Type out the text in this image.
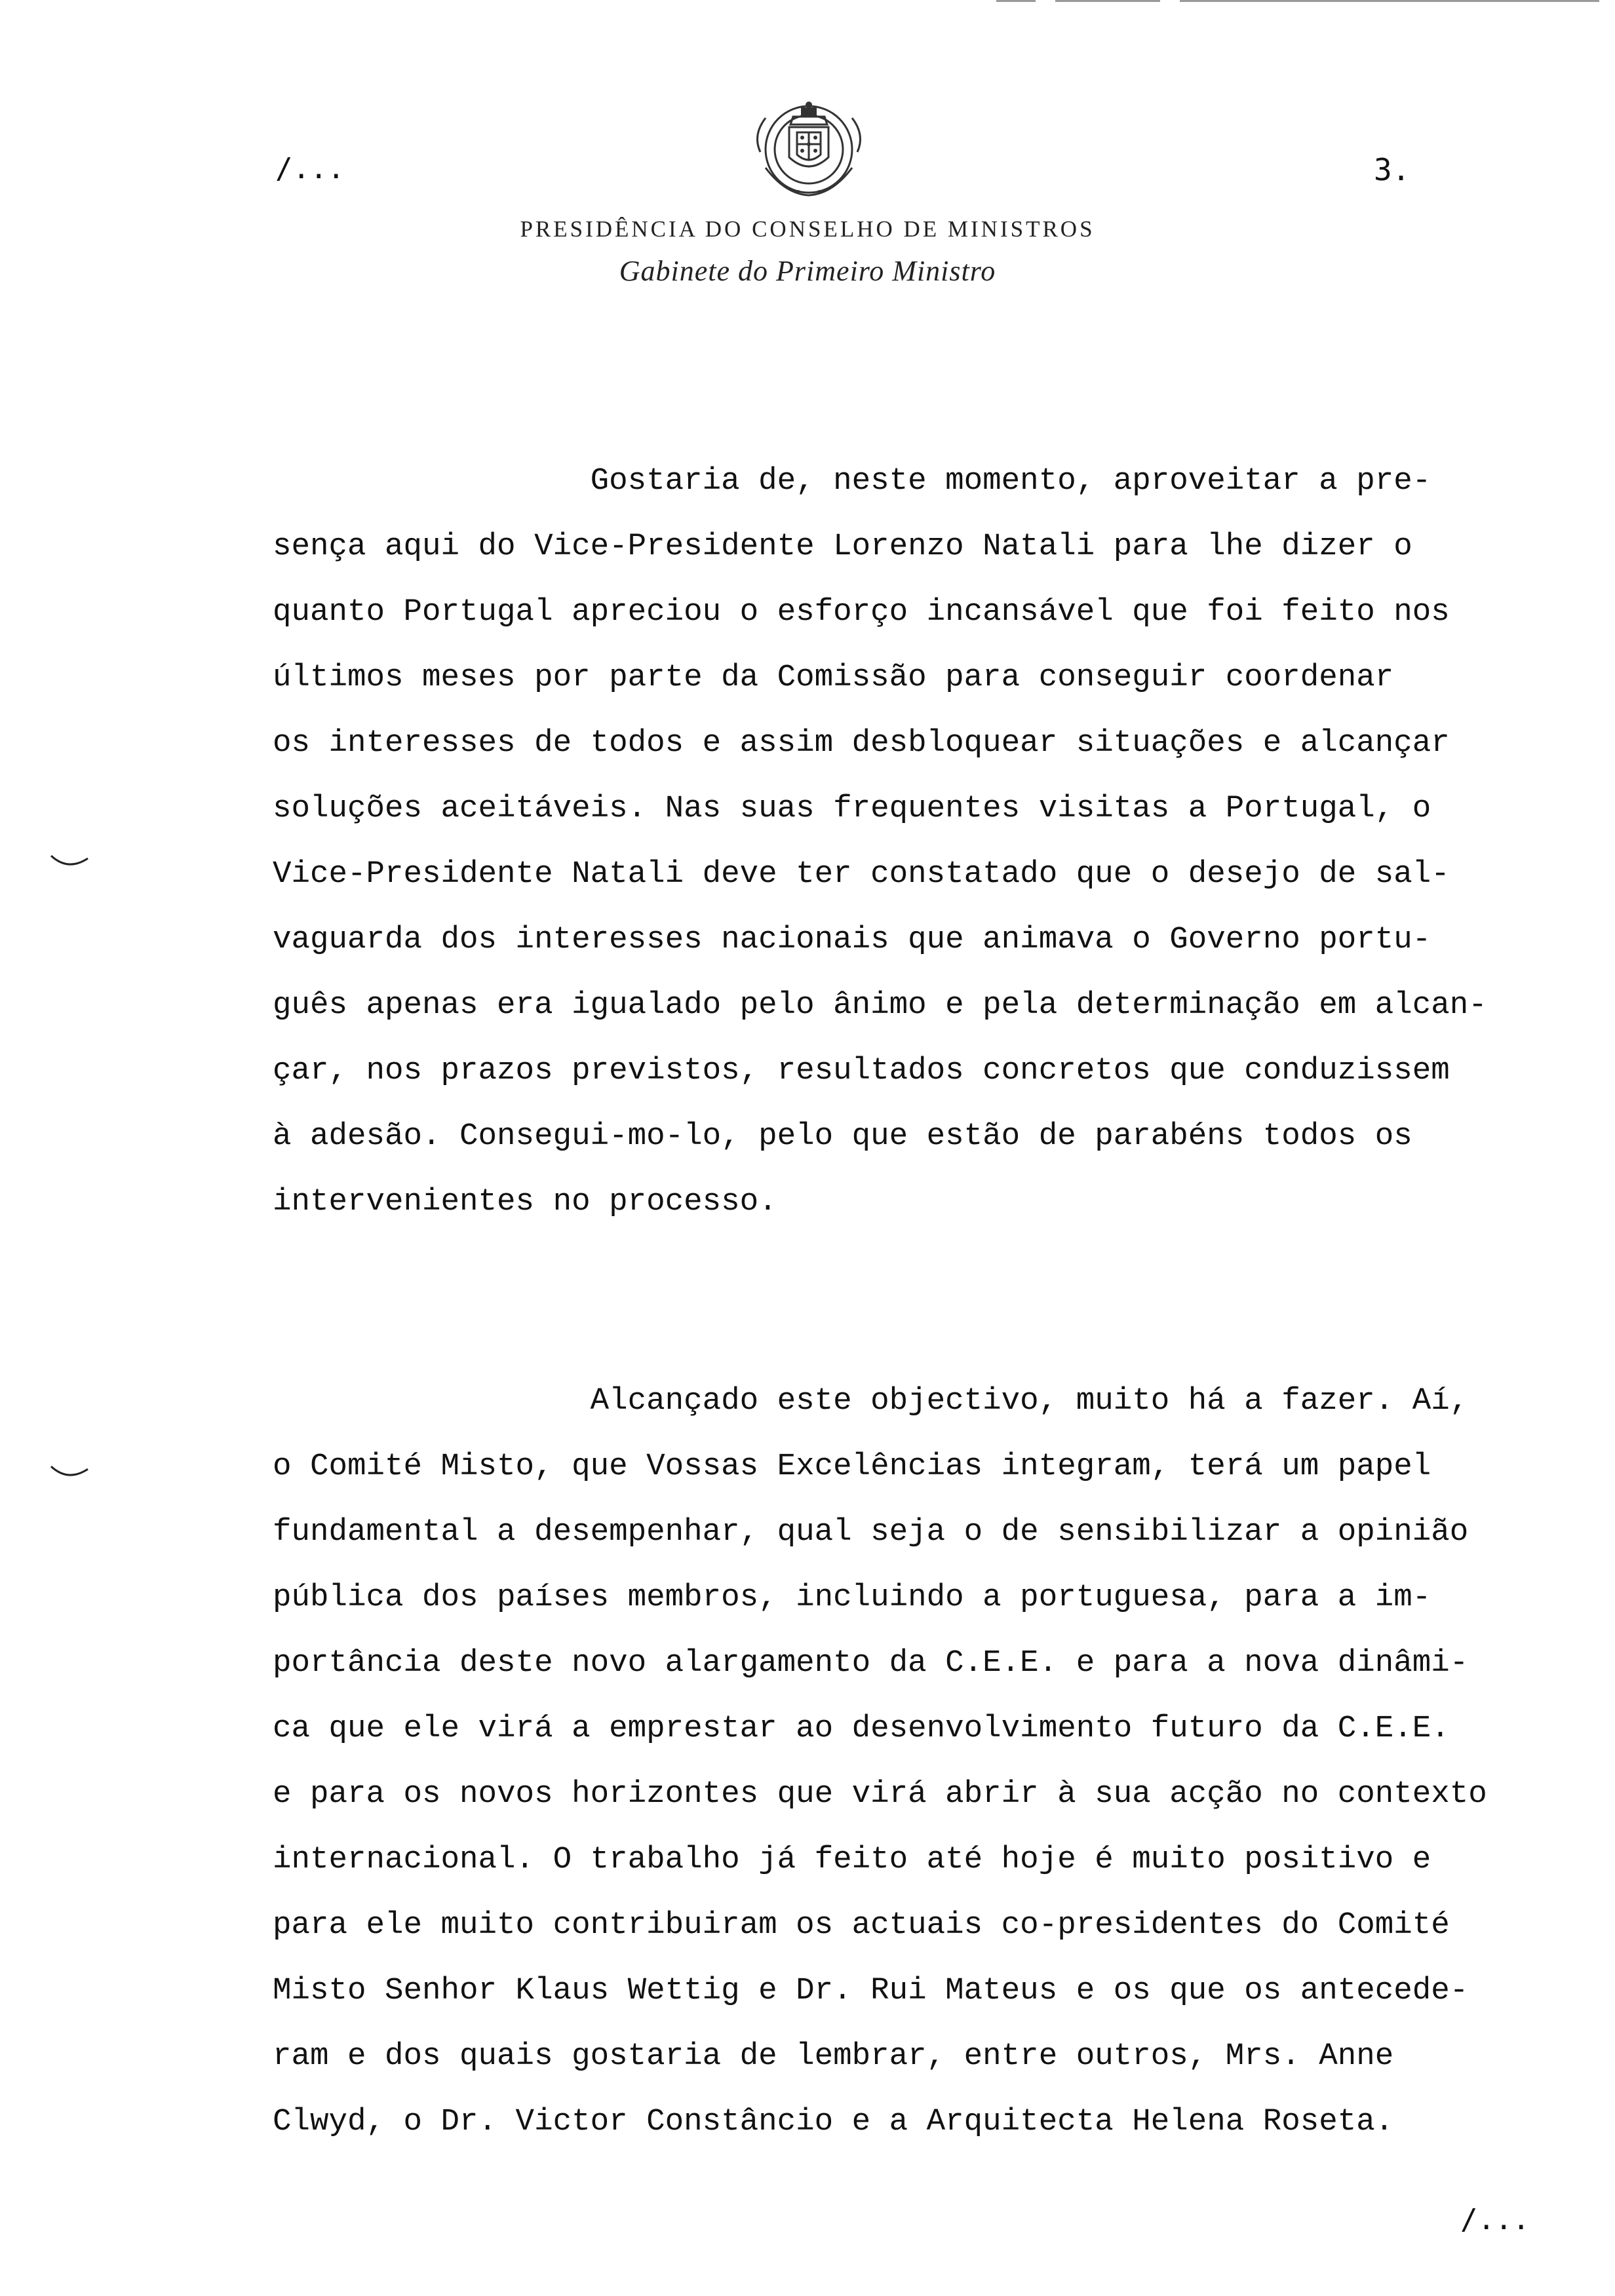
/...	3.
PRESIDÊNCIA DO CONSELHO DE MINISTROS
Gabinete do Primeiro Ministro
Gostaria de, neste momento, aproveitar a pre-
sença aqui do Vice-Presidente Lorenzo Natali para lhe dizer o
quanto Portugal apreciou o esforço incansável que foi feito nos
últimos meses por parte da Comissão para conseguir coordenar
os interesses de todos e assim desbloquear situações e alcançar
soluções aceitáveis. Nas suas frequentes visitas a Portugal, o
Vice-Presidente Natali deve ter constatado que o desejo de sal-
vaguarda dos interesses nacionais que animava o Governo portu-
guês apenas era igualado pelo ânimo e pela determinação em alcan-
çar, nos prazos previstos, resultados concretos que conduzissem
à adesão. Consegui-mo-lo, pelo que estão de parabéns todos os
intervenientes no processo.
Alcançado este objectivo, muito há a fazer. Aí,
o Comité Misto, que Vossas Excelências integram, terá um papel
fundamental a desempenhar, qual seja o de sensibilizar a opinião
pública dos países membros, incluindo a portuguesa, para a im-
portância deste novo alargamento da C.E.E. e para a nova dinâmi-
ca que ele virá a emprestar ao desenvolvimento futuro da C.E.E.
e para os novos horizontes que virá abrir à sua acção no contexto
internacional. O trabalho já feito até hoje é muito positivo e
para ele muito contribuiram os actuais co-presidentes do Comité
Misto Senhor Klaus Wettig e Dr. Rui Mateus e os que os antecede-
ram e dos quais gostaria de lembrar, entre outros, Mrs. Anne
Clwyd, o Dr. Victor Constâncio e a Arquitecta Helena Roseta.
/...
